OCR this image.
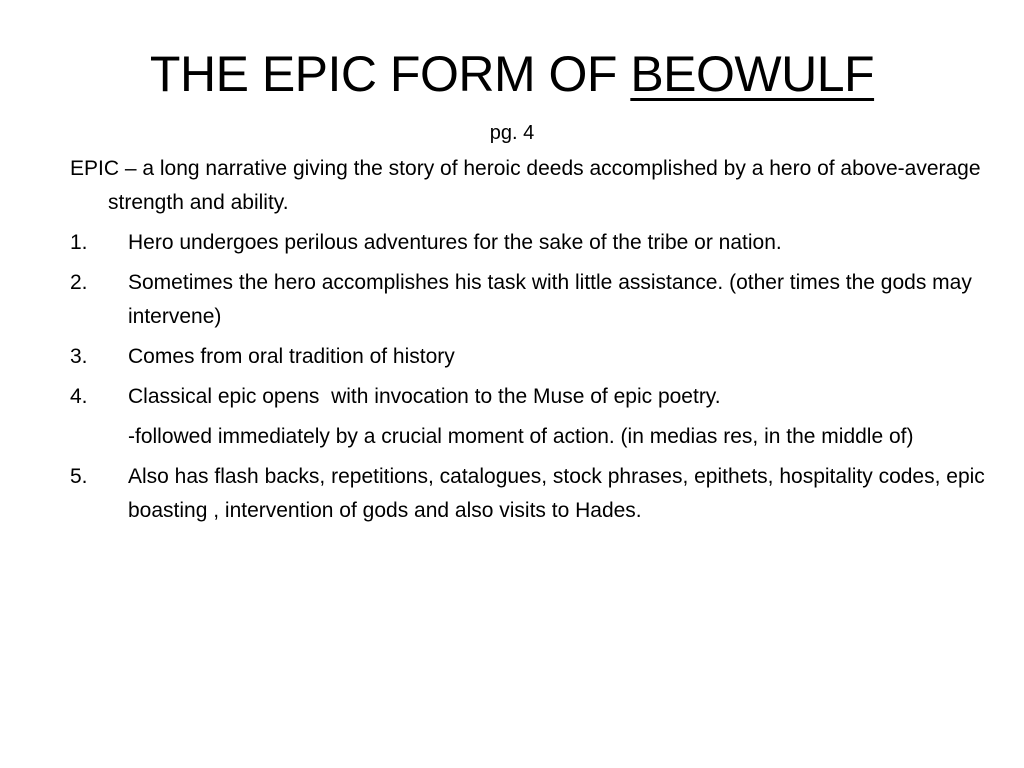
THE EPIC FORM OF BEOWULF
pg. 4

EPIC – a long narrative giving the story of heroic deeds accomplished by a hero of above-average strength and ability.

1.	Hero undergoes perilous adventures for the sake of the tribe or nation.
2.	Sometimes the hero accomplishes his task with little assistance. (other times the gods may intervene)
3.	Comes from oral tradition of history
4.	Classical epic opens  with invocation to the Muse of epic poetry.

-followed immediately by a crucial moment of action. (in medias res, in the middle of)

5.	Also has flash backs, repetitions, catalogues, stock phrases, epithets, hospitality codes, epic boasting , intervention of gods and also visits to Hades.
